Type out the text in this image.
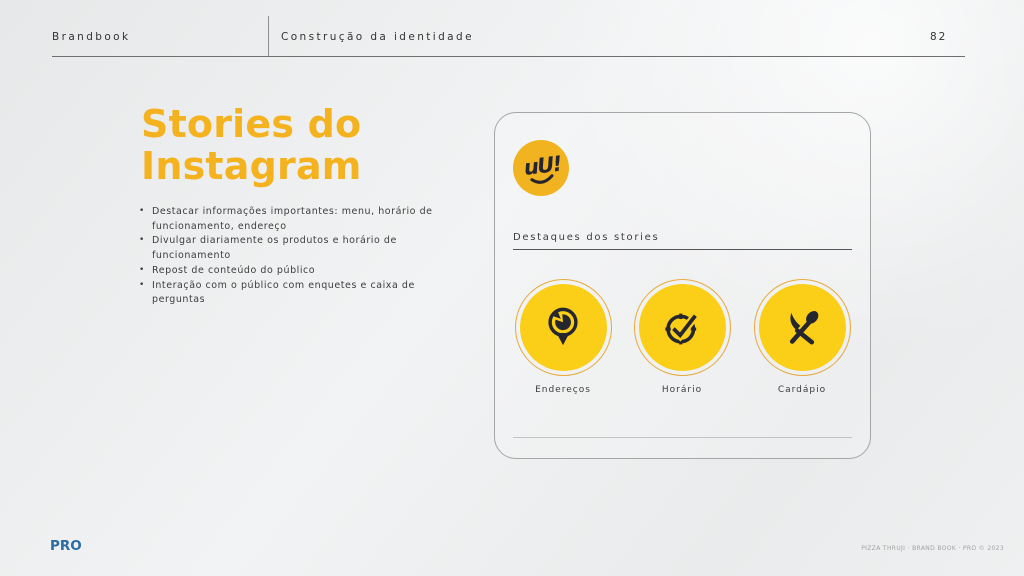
Brandbook	Construção da identidade	82
Stories do
Instagram
• Destacar informações importantes: menu, horário de funcionamento, endereço
• Divulgar diariamente os produtos e horário de funcionamento
• Repost de conteúdo do público
• Interação com o público com enquetes e caixa de perguntas
uU!
Destaques dos stories
Endereços	Horário	Cardápio
PRO	PIZZA THRUJI · BRAND BOOK · PRO © 2023
